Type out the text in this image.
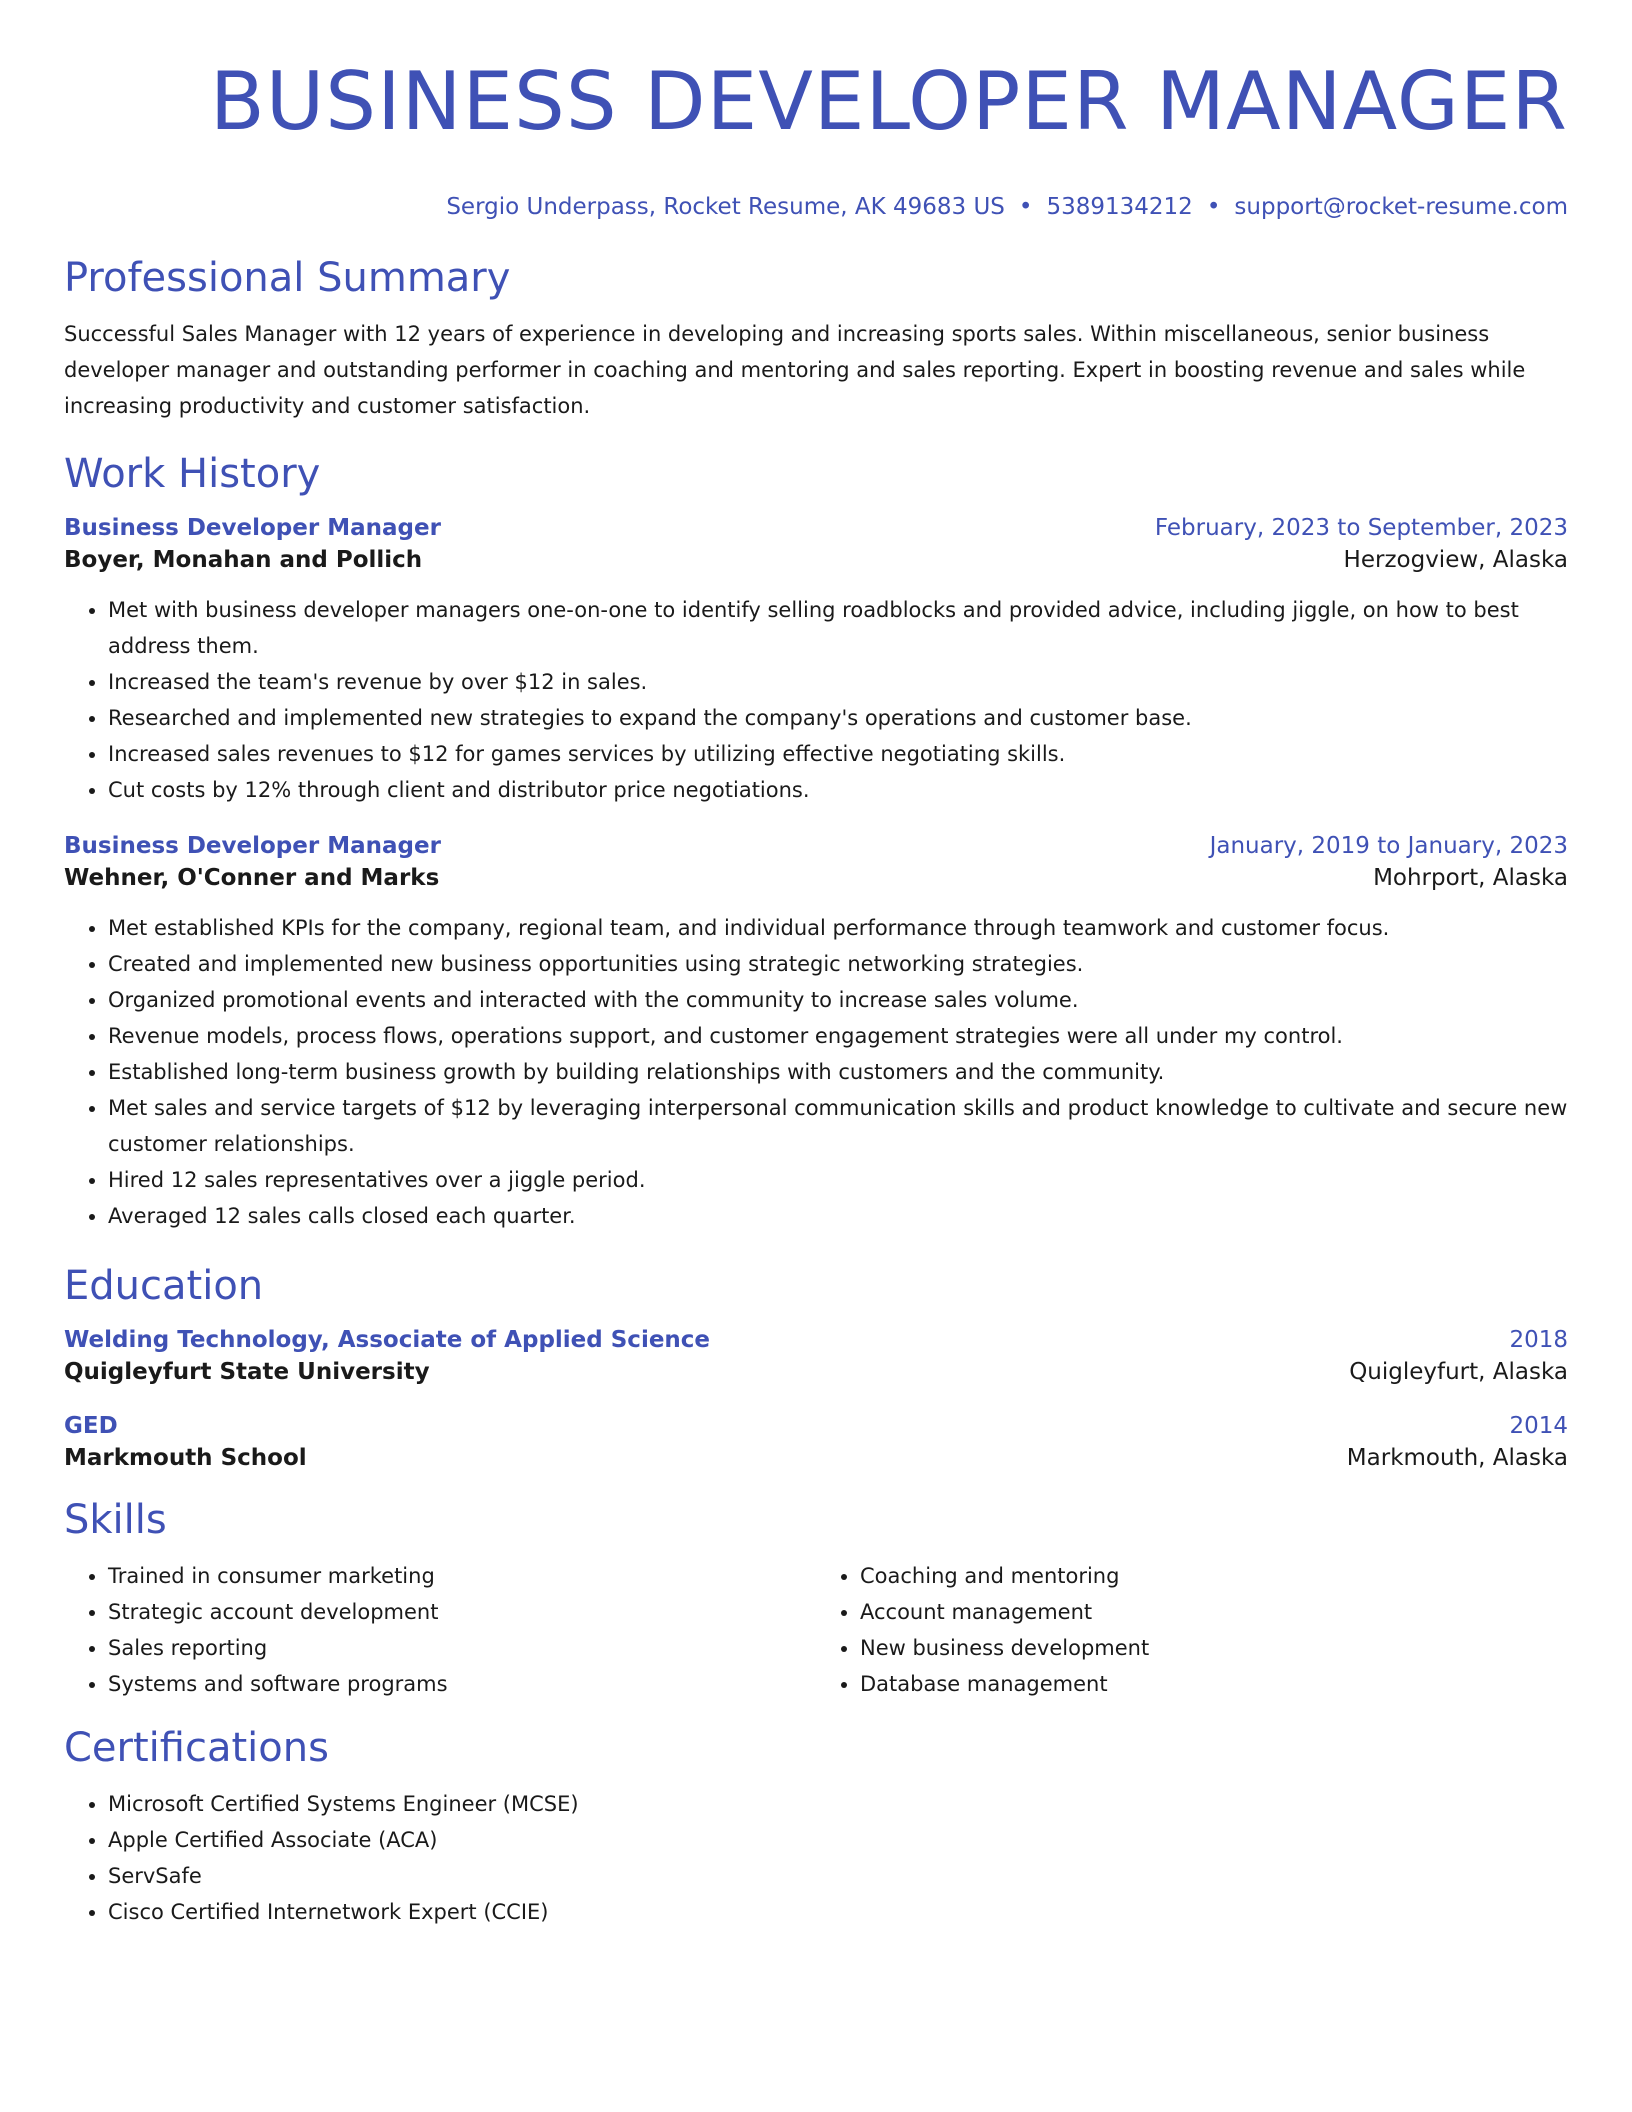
BUSINESS DEVELOPER MANAGER
Sergio Underpass, Rocket Resume, AK 49683 US • 5389134212 • support@rocket-resume.com
Professional Summary

Successful Sales Manager with 12 years of experience in developing and increasing sports sales. Within miscellaneous, senior business developer manager and outstanding performer in coaching and mentoring and sales reporting. Expert in boosting revenue and sales while increasing productivity and customer satisfaction.

Work History
Business Developer Manager	February, 2023 to September, 2023
Boyer, Monahan and Pollich	Herzogview, Alaska
• Met with business developer managers one-on-one to identify selling roadblocks and provided advice, including jiggle, on how to best address them.
• Increased the team's revenue by over $12 in sales.
• Researched and implemented new strategies to expand the company's operations and customer base.
• Increased sales revenues to $12 for games services by utilizing effective negotiating skills.
• Cut costs by 12% through client and distributor price negotiations.
Business Developer Manager	January, 2019 to January, 2023
Wehner, O'Conner and Marks	Mohrport, Alaska
• Met established KPIs for the company, regional team, and individual performance through teamwork and customer focus.
• Created and implemented new business opportunities using strategic networking strategies.
• Organized promotional events and interacted with the community to increase sales volume.
• Revenue models, process flows, operations support, and customer engagement strategies were all under my control.
• Established long-term business growth by building relationships with customers and the community.
• Met sales and service targets of $12 by leveraging interpersonal communication skills and product knowledge to cultivate and secure new customer relationships.
• Hired 12 sales representatives over a jiggle period.
• Averaged 12 sales calls closed each quarter.
Education
Welding Technology, Associate of Applied Science	2018
Quigleyfurt State University	Quigleyfurt, Alaska
GED	2014
Markmouth School	Markmouth, Alaska
Skills
• Trained in consumer marketing
• Strategic account development
• Sales reporting
• Systems and software programs
• Coaching and mentoring
• Account management
• New business development
• Database management
Certifications
• Microsoft Certified Systems Engineer (MCSE)
• Apple Certified Associate (ACA)
• ServSafe
• Cisco Certified Internetwork Expert (CCIE)
